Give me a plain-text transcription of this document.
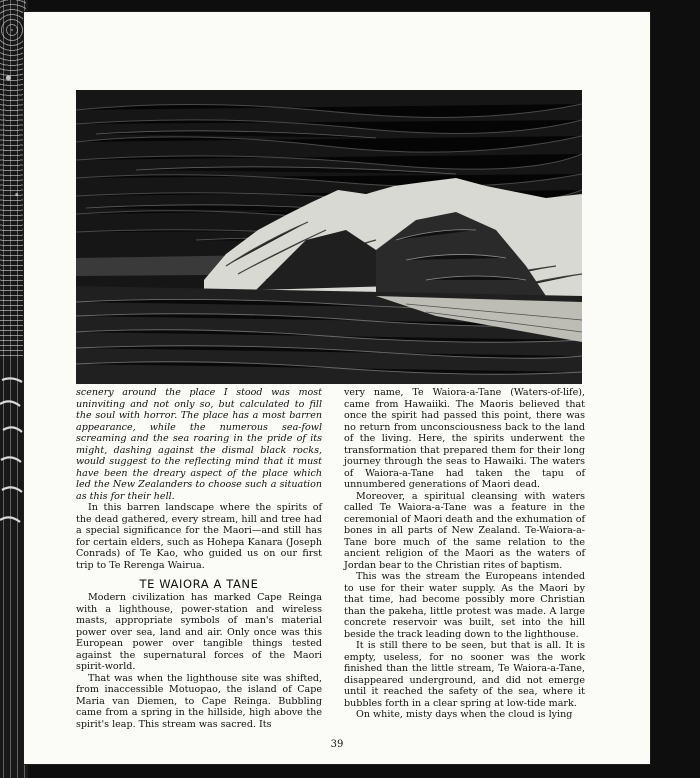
scenery around the place I stood was most uninviting and not only so, but calculated to fill the soul with horror. The place has a most barren appearance, while the numerous sea-fowl screaming and the sea roaring in the pride of its might, dashing against the dismal black rocks, would suggest to the reflecting mind that it must have been the dreary aspect of the place which led the New Zealanders to choose such a situation as this for their hell.

In this barren landscape where the spirits of the dead gathered, every stream, hill and tree had a special significance for the Maori—and still has for certain elders, such as Hohepa Kanara (Joseph Conrads) of Te Kao, who guided us on our first trip to Te Rerenga Wairua.

TE WAIORA A TANE

Modern civilization has marked Cape Reinga with a lighthouse, power-station and wireless masts, appropriate symbols of man's material power over sea, land and air. Only once was this European power over tangible things tested against the supernatural forces of the Maori spirit-world.

That was when the lighthouse site was shifted, from inaccessible Motuopao, the island of Cape Maria van Diemen, to Cape Reinga. Bubbling came from a spring in the hillside, high above the spirit's leap. This stream was sacred. Its

very name, Te Waiora-a-Tane (Waters-of-life), came from Hawaiiki. The Maoris believed that once the spirit had passed this point, there was no return from unconsciousness back to the land of the living. Here, the spirits underwent the transformation that prepared them for their long journey through the seas to Hawaiki. The waters of Waiora-a-Tane had taken the tapu of unnumbered generations of Maori dead.

Moreover, a spiritual cleansing with waters called Te Waiora-a-Tane was a feature in the ceremonial of Maori death and the exhumation of bones in all parts of New Zealand. Te-Waiora-a-Tane bore much of the same relation to the ancient religion of the Maori as the waters of Jordan bear to the Christian rites of baptism.

This was the stream the Europeans intended to use for their water supply. As the Maori by that time, had become possibly more Christian than the pakeha, little protest was made. A large concrete reservoir was built, set into the hill beside the track leading down to the lighthouse.

It is still there to be seen, but that is all. It is empty, useless, for no sooner was the work finished than the little stream, Te Waiora-a-Tane, disappeared underground, and did not emerge until it reached the safety of the sea, where it bubbles forth in a clear spring at low-tide mark.

On white, misty days when the cloud is lying

39
